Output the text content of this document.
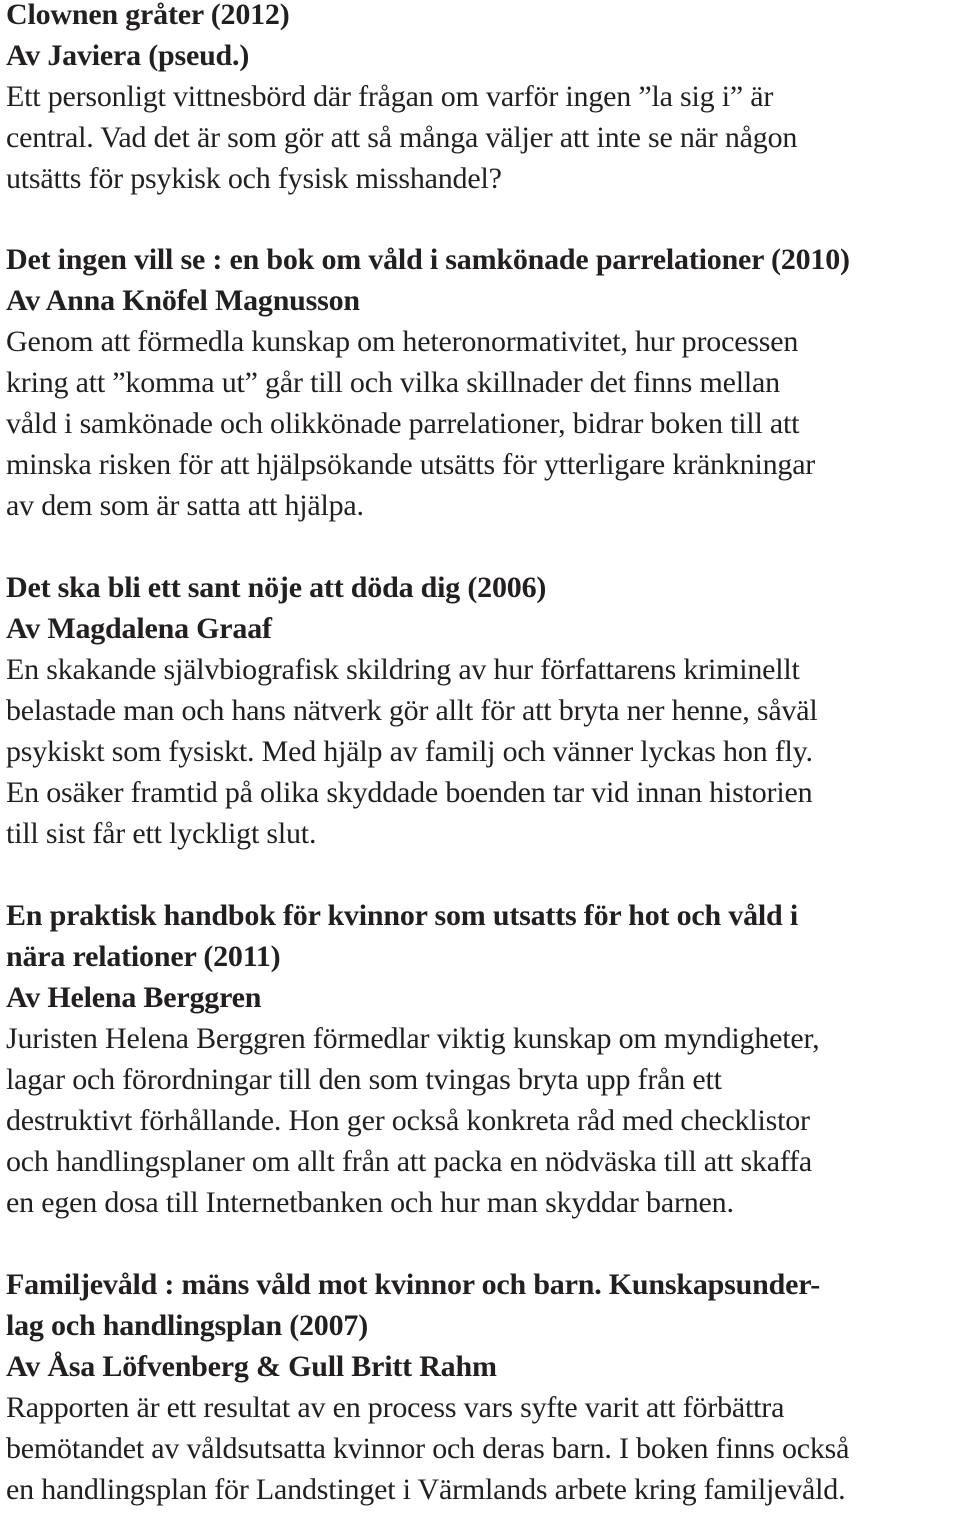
Clownen gråter (2012)
Av Javiera (pseud.)
Ett personligt vittnesbörd där frågan om varför ingen ”la sig i” är
central. Vad det är som gör att så många väljer att inte se när någon
utsätts för psykisk och fysisk misshandel?
Det ingen vill se : en bok om våld i samkönade parrelationer (2010)
Av Anna Knöfel Magnusson
Genom att förmedla kunskap om heteronormativitet, hur processen
kring att ”komma ut” går till och vilka skillnader det finns mellan
våld i samkönade och olikkönade parrelationer, bidrar boken till att
minska risken för att hjälpsökande utsätts för ytterligare kränkningar
av dem som är satta att hjälpa.
Det ska bli ett sant nöje att döda dig (2006)
Av Magdalena Graaf
En skakande självbiografisk skildring av hur författarens kriminellt
belastade man och hans nätverk gör allt för att bryta ner henne, såväl
psykiskt som fysiskt. Med hjälp av familj och vänner lyckas hon fly.
En osäker framtid på olika skyddade boenden tar vid innan historien
till sist får ett lyckligt slut.
En praktisk handbok för kvinnor som utsatts för hot och våld i
nära relationer (2011)
Av Helena Berggren
Juristen Helena Berggren förmedlar viktig kunskap om myndigheter,
lagar och förordningar till den som tvingas bryta upp från ett
destruktivt förhållande. Hon ger också konkreta råd med checklistor
och handlingsplaner om allt från att packa en nödväska till att skaffa
en egen dosa till Internetbanken och hur man skyddar barnen.
Familjevåld : mäns våld mot kvinnor och barn. Kunskapsunder-
lag och handlingsplan (2007)
Av Åsa Löfvenberg & Gull Britt Rahm
Rapporten är ett resultat av en process vars syfte varit att förbättra
bemötandet av våldsutsatta kvinnor och deras barn. I boken finns också
en handlingsplan för Landstinget i Värmlands arbete kring familjevåld.
